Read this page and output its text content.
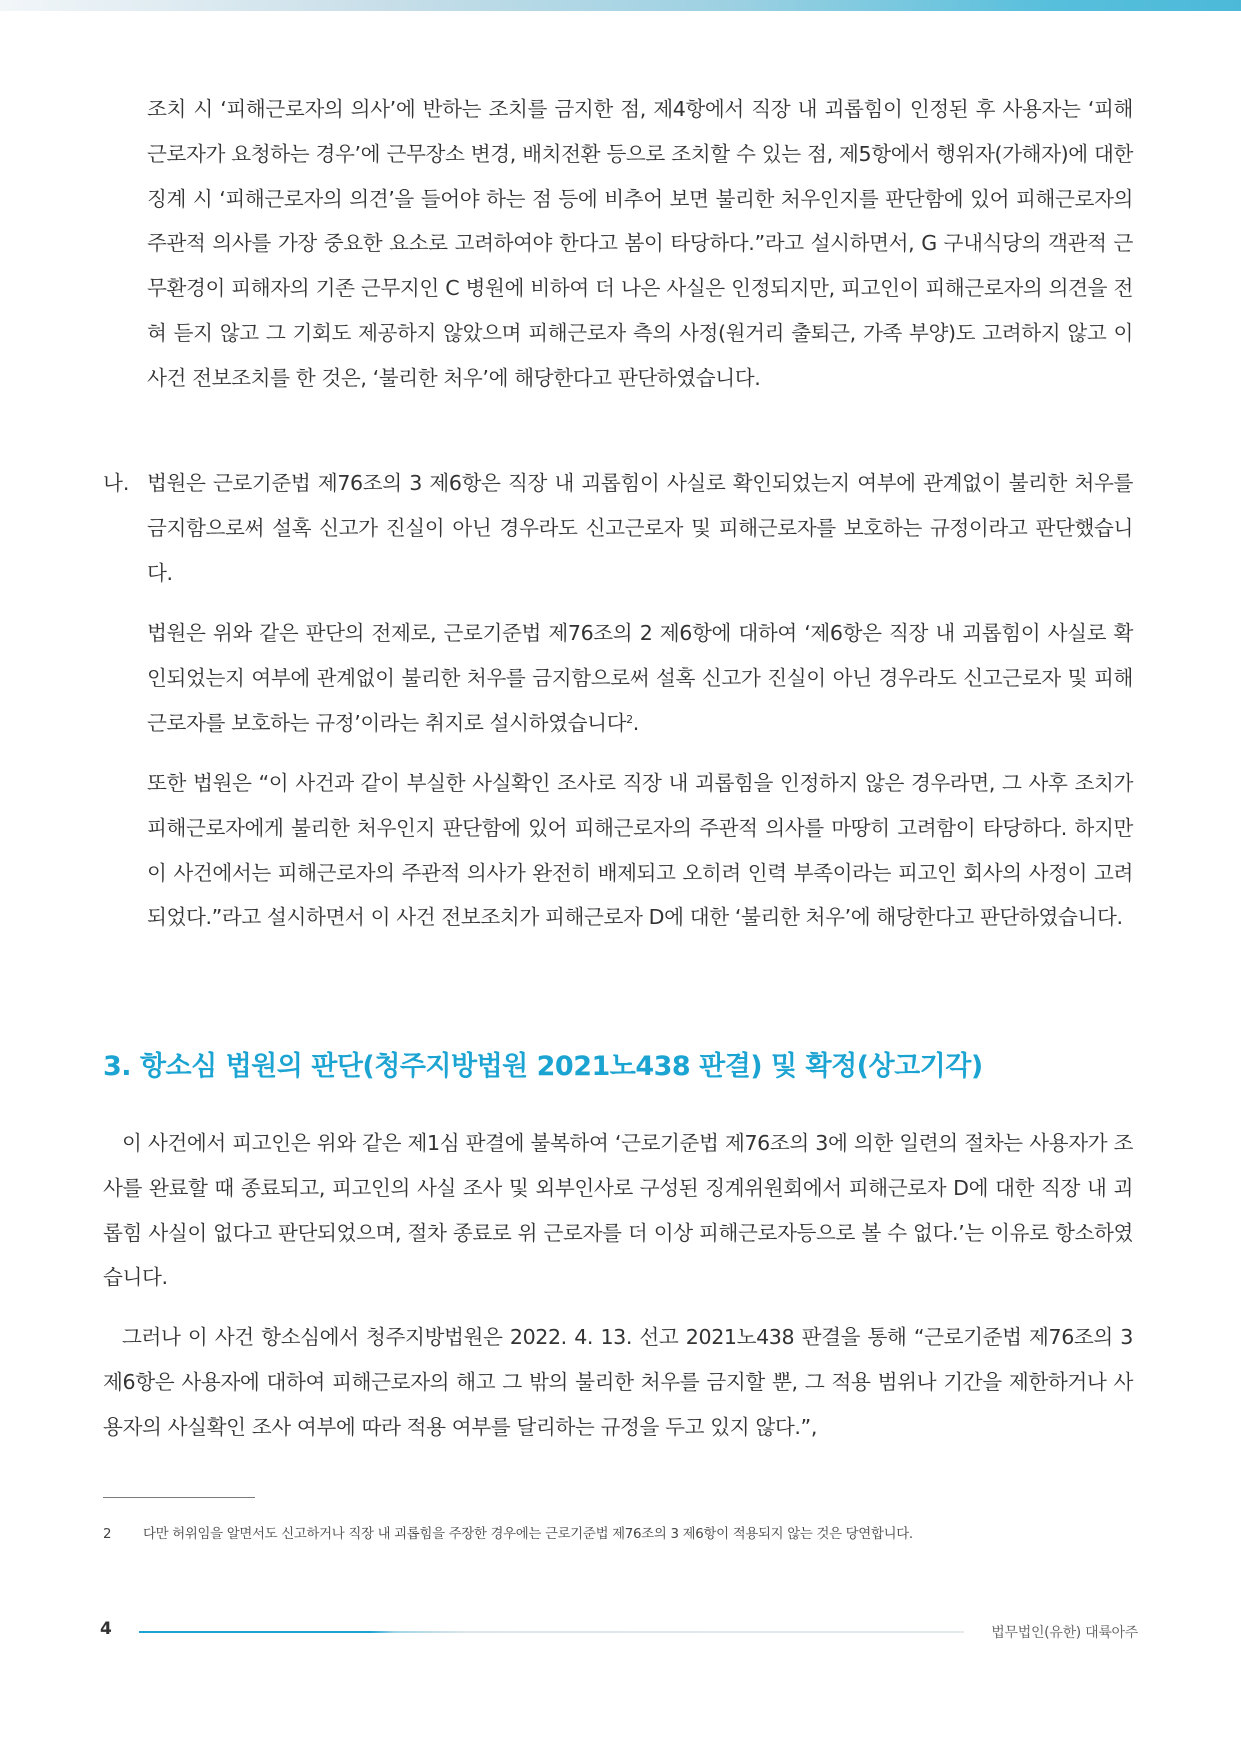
조치 시 ‘피해근로자의 의사’에 반하는 조치를 금지한 점, 제4항에서 직장 내 괴롭힘이 인정된 후 사용자는 ‘피해근로자가 요청하는 경우’에 근무장소 변경, 배치전환 등으로 조치할 수 있는 점, 제5항에서 행위자(가해자)에 대한 징계 시 ‘피해근로자의 의견’을 들어야 하는 점 등에 비추어 보면 불리한 처우인지를 판단함에 있어 피해근로자의 주관적 의사를 가장 중요한 요소로 고려하여야 한다고 봄이 타당하다.”라고 설시하면서, G 구내식당의 객관적 근무환경이 피해자의 기존 근무지인 C 병원에 비하여 더 나은 사실은 인정되지만, 피고인이 피해근로자의 의견을 전혀 듣지 않고 그 기회도 제공하지 않았으며 피해근로자 측의 사정(원거리 출퇴근, 가족 부양)도 고려하지 않고 이 사건 전보조치를 한 것은, ‘불리한 처우’에 해당한다고 판단하였습니다.

나. 법원은 근로기준법 제76조의 3 제6항은 직장 내 괴롭힘이 사실로 확인되었는지 여부에 관계없이 불리한 처우를 금지함으로써 설혹 신고가 진실이 아닌 경우라도 신고근로자 및 피해근로자를 보호하는 규정이라고 판단했습니다.

법원은 위와 같은 판단의 전제로, 근로기준법 제76조의 2 제6항에 대하여 ‘제6항은 직장 내 괴롭힘이 사실로 확인되었는지 여부에 관계없이 불리한 처우를 금지함으로써 설혹 신고가 진실이 아닌 경우라도 신고근로자 및 피해근로자를 보호하는 규정’이라는 취지로 설시하였습니다$^2$.

또한 법원은 “이 사건과 같이 부실한 사실확인 조사로 직장 내 괴롭힘을 인정하지 않은 경우라면, 그 사후 조치가 피해근로자에게 불리한 처우인지 판단함에 있어 피해근로자의 주관적 의사를 마땅히 고려함이 타당하다. 하지만 이 사건에서는 피해근로자의 주관적 의사가 완전히 배제되고 오히려 인력 부족이라는 피고인 회사의 사정이 고려되었다.”라고 설시하면서 이 사건 전보조치가 피해근로자 D에 대한 ‘불리한 처우’에 해당한다고 판단하였습니다.

3. 항소심 법원의 판단(청주지방법원 2021노438 판결) 및 확정(상고기각)

이 사건에서 피고인은 위와 같은 제1심 판결에 불복하여 ‘근로기준법 제76조의 3에 의한 일련의 절차는 사용자가 조사를 완료할 때 종료되고, 피고인의 사실 조사 및 외부인사로 구성된 징계위원회에서 피해근로자 D에 대한 직장 내 괴롭힘 사실이 없다고 판단되었으며, 절차 종료로 위 근로자를 더 이상 피해근로자등으로 볼 수 없다.’는 이유로 항소하였습니다.

그러나 이 사건 항소심에서 청주지방법원은 2022. 4. 13. 선고 2021노438 판결을 통해 “근로기준법 제76조의 3 제6항은 사용자에 대하여 피해근로자의 해고 그 밖의 불리한 처우를 금지할 뿐, 그 적용 범위나 기간을 제한하거나 사용자의 사실확인 조사 여부에 따라 적용 여부를 달리하는 규정을 두고 있지 않다.”,

2 다만 허위임을 알면서도 신고하거나 직장 내 괴롭힘을 주장한 경우에는 근로기준법 제76조의 3 제6항이 적용되지 않는 것은 당연합니다.
4	법무법인(유한) 대륙아주
